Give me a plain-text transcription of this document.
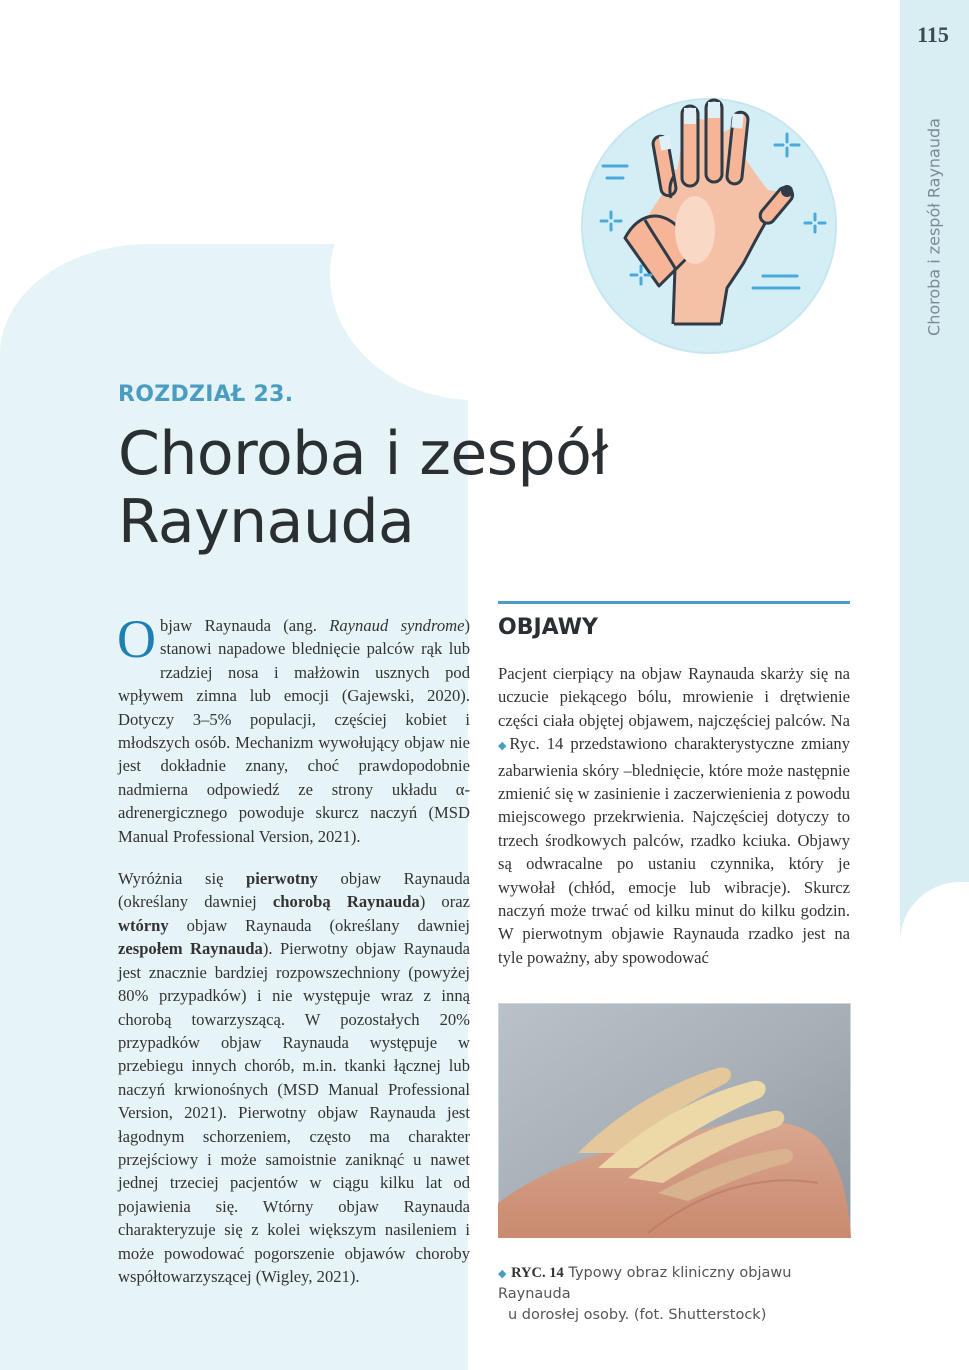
115
Choroba i zespół Raynauda
ROZDZIAŁ 23.
Choroba i zespół
Raynauda

Objaw Raynauda (ang. Raynaud syndrome) stanowi napadowe blednięcie palców rąk lub rzadziej nosa i małżowin usznych pod wpływem zimna lub emocji (Gajewski, 2020). Dotyczy 3–5% populacji, częściej kobiet i młodszych osób. Mechanizm wywołujący objaw nie jest dokładnie znany, choć prawdopodobnie nadmierna odpowiedź ze strony układu α-adrenergicznego powoduje skurcz naczyń (MSD Manual Professional Version, 2021).

Wyróżnia się pierwotny objaw Raynauda (określany dawniej chorobą Raynauda) oraz wtórny objaw Raynauda (określany dawniej zespołem Raynauda). Pierwotny objaw Raynauda jest znacznie bardziej rozpowszechniony (powyżej 80% przypadków) i nie występuje wraz z inną chorobą towarzyszącą. W pozostałych 20% przypadków objaw Raynauda występuje w przebiegu innych chorób, m.in. tkanki łącznej lub naczyń krwionośnych (MSD Manual Professional Version, 2021). Pierwotny objaw Raynauda jest łagodnym schorzeniem, często ma charakter przejściowy i może samoistnie zaniknąć u nawet jednej trzeciej pacjentów w ciągu kilku lat od pojawienia się. Wtórny objaw Raynauda charakteryzuje się z kolei większym nasileniem i może powodować pogorszenie objawów choroby współtowarzyszącej (Wigley, 2021).

OBJAWY

Pacjent cierpiący na objaw Raynauda skarży się na uczucie piekącego bólu, mrowienie i drętwienie części ciała objętej objawem, najczęściej palców. Na ◆Ryc. 14 przedstawiono charakterystyczne zmiany zabarwienia skóry –blednięcie, które może następnie zmienić się w zasinienie i zaczerwienienia z powodu miejscowego przekrwienia. Najczęściej dotyczy to trzech środkowych palców, rzadko kciuka. Objawy są odwracalne po ustaniu czynnika, który je wywołał (chłód, emocje lub wibracje). Skurcz naczyń może trwać od kilku minut do kilku godzin. W pierwotnym objawie Raynauda rzadko jest na tyle poważny, aby spowodować

◆ RYC. 14 Typowy obraz kliniczny objawu Raynauda
u dorosłej osoby. (fot. Shutterstock)
